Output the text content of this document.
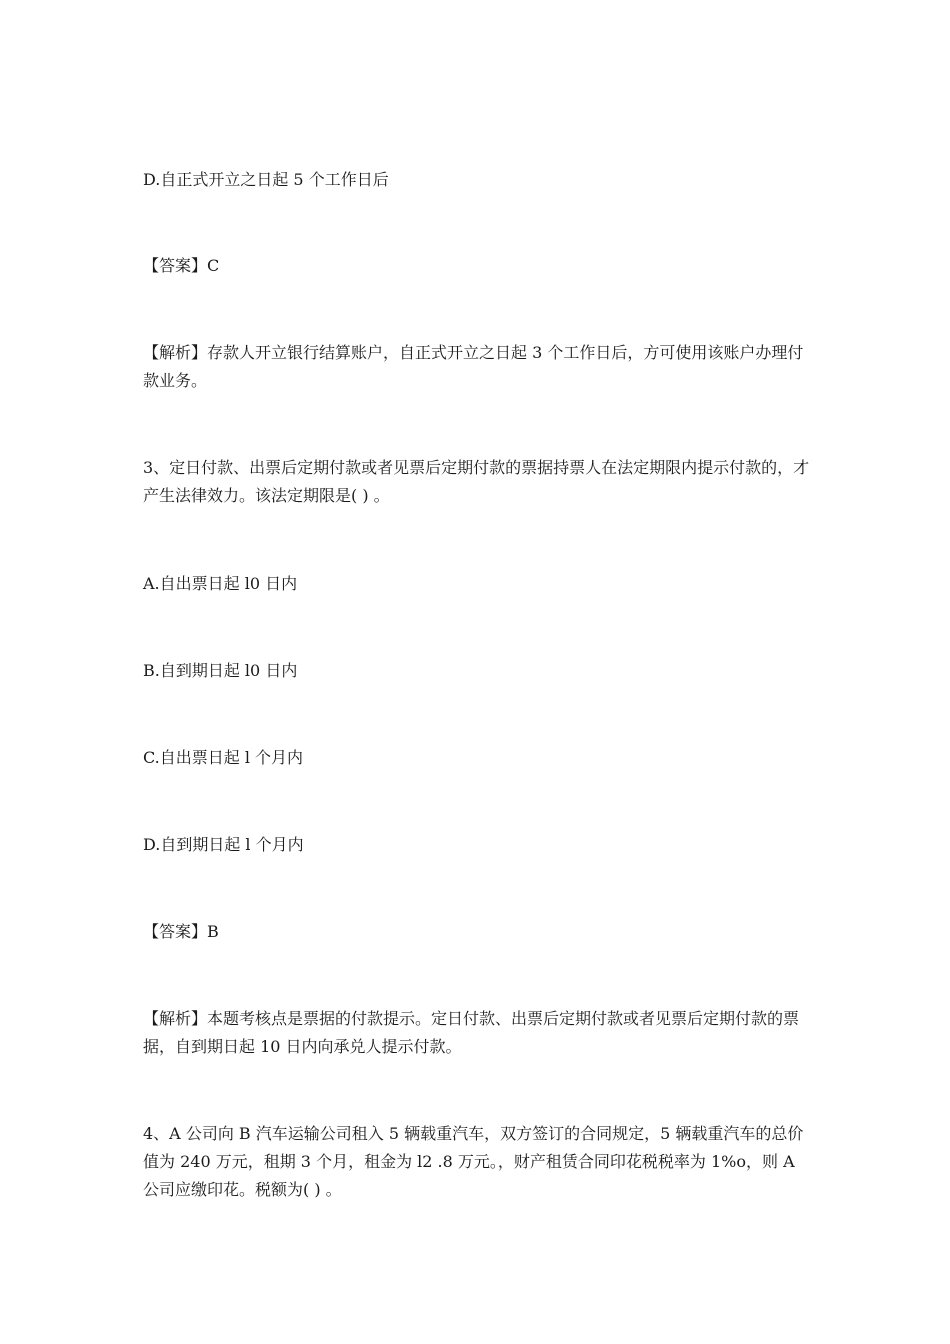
D.自正式开立之日起 5 个工作日后

【答案】C

【解析】存款人开立银行结算账户，自正式开立之日起 3 个工作日后，方可使用该账户办理付款业务。

3、定日付款、出票后定期付款或者见票后定期付款的票据持票人在法定期限内提示付款的，才产生法律效力。该法定期限是( ) 。

A.自出票日起 l0 日内

B.自到期日起 l0 日内

C.自出票日起 l 个月内

D.自到期日起 l 个月内

【答案】B

【解析】本题考核点是票据的付款提示。定日付款、出票后定期付款或者见票后定期付款的票据，自到期日起 10 日内向承兑人提示付款。

4、A 公司向 B 汽车运输公司租入 5 辆载重汽车，双方签订的合同规定，5 辆载重汽车的总价值为 240 万元，租期 3 个月，租金为 l2 .8 万元。，财产租赁合同印花税税率为 1%o，则 A 公司应缴印花。税额为( ) 。
